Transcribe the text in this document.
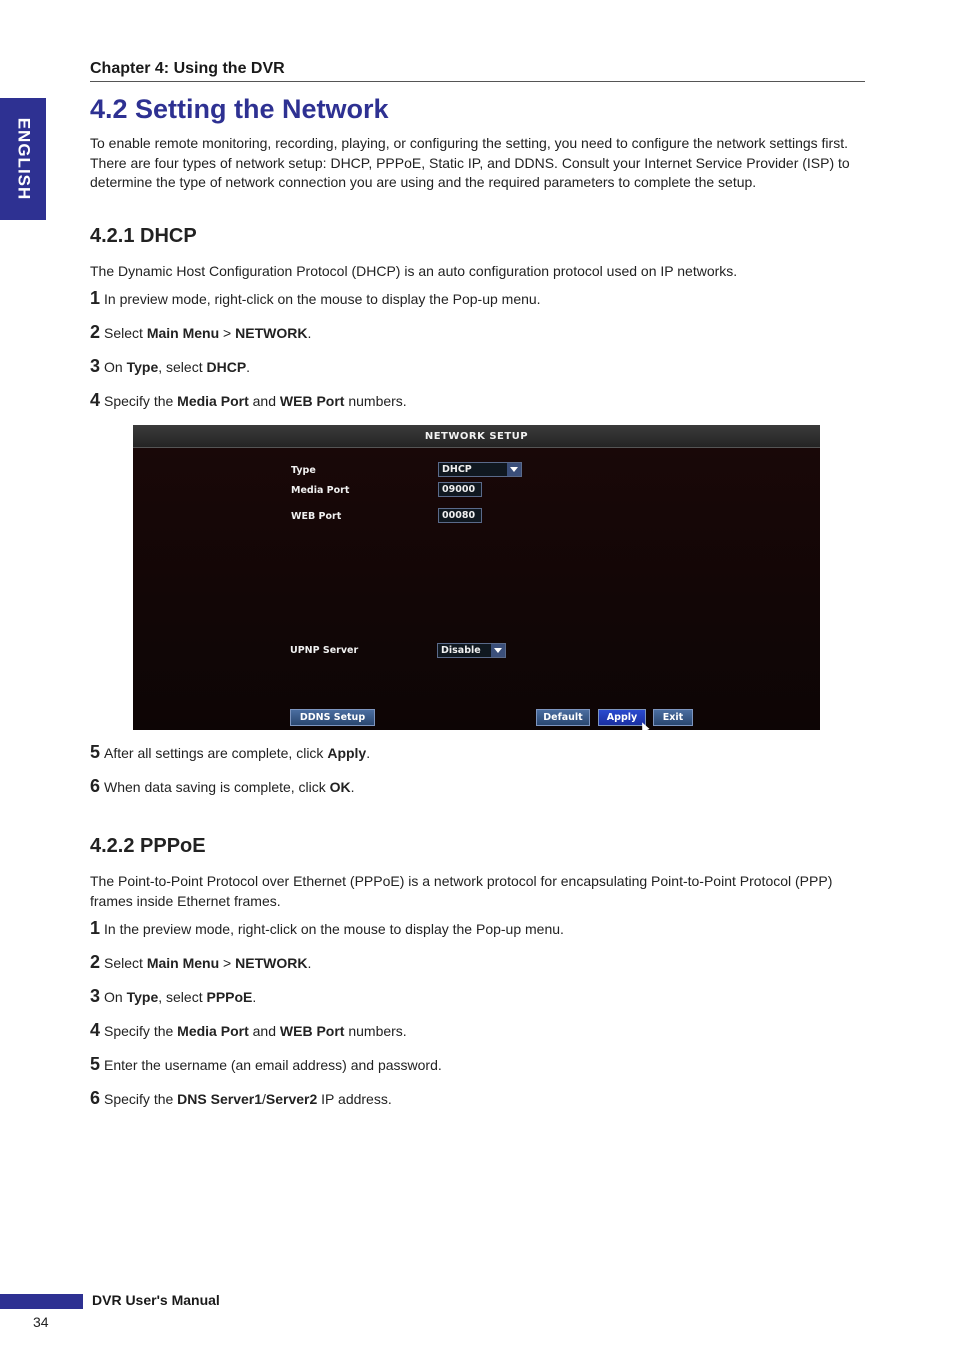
ENGLISH
Chapter 4: Using the DVR
4.2 Setting the Network

To enable remote monitoring, recording, playing, or configuring the setting, you need to configure the network settings first. There are four types of network setup: DHCP, PPPoE, Static IP, and DDNS. Consult your Internet Service Provider (ISP) to determine the type of network connection you are using and the required parameters to complete the setup.

4.2.1 DHCP

The Dynamic Host Configuration Protocol (DHCP) is an auto configuration protocol used on IP networks.

1 In preview mode, right-click on the mouse to display the Pop-up menu.

2 Select Main Menu > NETWORK.

3 On Type, select DHCP.

4 Specify the Media Port and WEB Port numbers.

NETWORK SETUP
Type	DHCP
Media Port	09000
WEB Port	00080
UPNP Server	Disable
DDNS Setup	Default	Apply	Exit

5 After all settings are complete, click Apply.

6 When data saving is complete, click OK.

4.2.2 PPPoE

The Point-to-Point Protocol over Ethernet (PPPoE) is a network protocol for encapsulating Point-to-Point Protocol (PPP) frames inside Ethernet frames.

1 In the preview mode, right-click on the mouse to display the Pop-up menu.

2 Select Main Menu > NETWORK.

3 On Type, select PPPoE.

4 Specify the Media Port and WEB Port numbers.

5 Enter the username (an email address) and password.

6 Specify the DNS Server1/Server2 IP address.

DVR User's Manual
34
